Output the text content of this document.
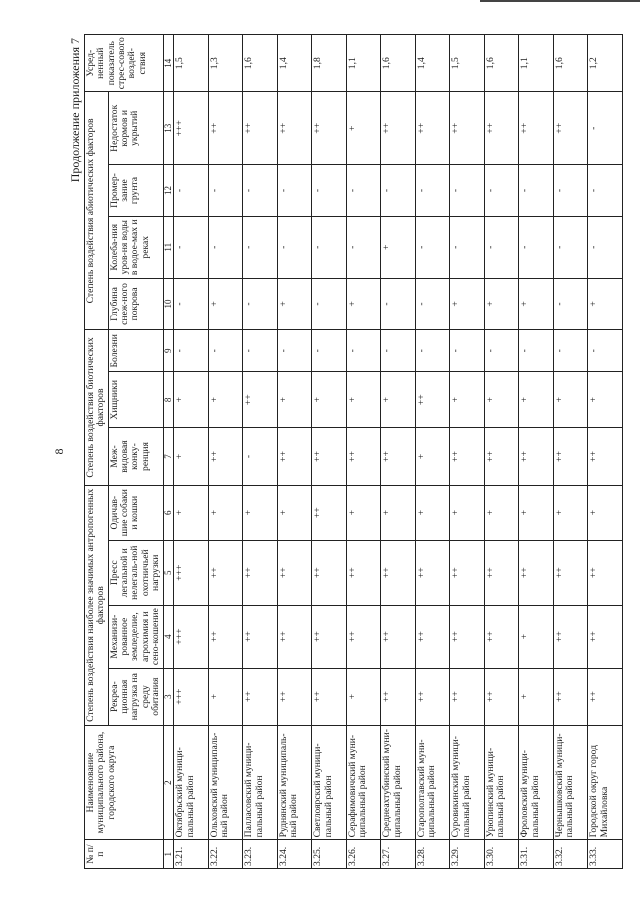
8
Продолжение приложения 7
№ п/п	Наименование муниципального района, городского округа	Степень воздействия наиболее значимых антропогенных факторов				Степень воздействия биотических факторов			Степень воздействия абиотических факторов				Усред-ненный показатель стрес-сового воздей-ствия
		Рекреа-ционная нагрузка на среду обитания	Механизи-рованное земледелие, агрохимия и сено-кошение	Пресс легальной и нелегаль-ной охотничьей нагрузки	Одичав-шие собаки и кошки	Меж-видовая конку-ренция	Хищники	Болезни	Глубина снеж-ного покрова	Колеба-ния уров-ня воды в водое-мах и реках	Промер-зание грунта	Недостаток кормов и укрытий	
1	2	3	4	5	6	7	8	9	10	11	12	13	14
3.21.	Октябрьский муници-пальный район	+++	+++	+++	+	+	+	-	-	-	-	+++	1,5
3.22.	Ольховский муниципаль-ный район	+	++	++	+	++	+	-	+	-	-	++	1,3
3.23.	Палласовский муници-пальный район	++	++	++	+	-	++	-	-	-	-	++	1,6
3.24.	Руднянский муниципаль-ный район	++	++	++	+	++	+	-	+	-	-	++	1,4
3.25.	Светлоярский муници-пальный район	++	++	++	++	++	+	-	-	-	-	++	1,8
3.26.	Серафимовичский муни-ципальный район	+	++	++	+	++	+	-	+	-	-	+	1,1
3.27.	Среднеахтубинский муни-ципальный район	++	++	++	+	++	+	-	-	+	-	++	1,6
3.28.	Старополтавский муни-ципальный район	++	++	++	+	+	++	-	-	-	-	++	1,4
3.29.	Суровикинский муници-пальный район	++	++	++	+	++	+	-	+	-	-	++	1,5
3.30.	Урюпинский муници-пальный район	++	++	++	+	++	+	-	+	-	-	++	1,6
3.31.	Фроловский муници-пальный район	+	+	++	+	++	+	-	+	-	-	++	1,1
3.32.	Чернышковский муници-пальный район	++	++	++	+	++	+	-	-	-	-	++	1,6
3.33.	Городской округ город Михайловка	++	++	++	+	++	+	-	+	-	-	-	1,2
